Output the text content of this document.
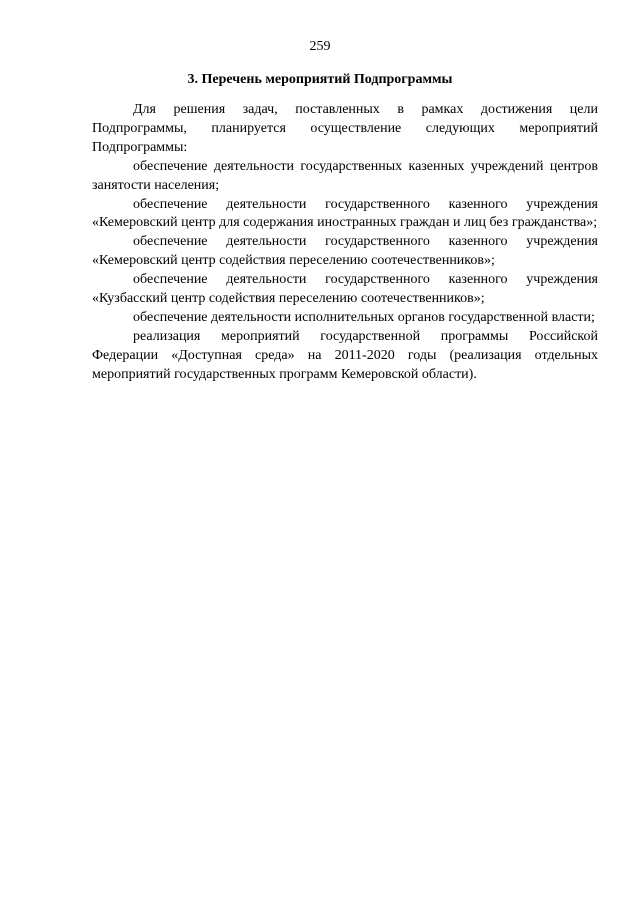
259
3. Перечень мероприятий Подпрограммы

Для решения задач, поставленных в рамках достижения цели Подпрограммы, планируется осуществление следующих мероприятий Подпрограммы:

обеспечение деятельности государственных казенных учреждений центров занятости населения;

обеспечение деятельности государственного казенного учреждения «Кемеровский центр для содержания иностранных граждан и лиц без гражданства»;

обеспечение деятельности государственного казенного учреждения «Кемеровский центр содействия переселению соотечественников»;

обеспечение деятельности государственного казенного учреждения «Кузбасский центр содействия переселению соотечественников»;

обеспечение деятельности исполнительных органов государственной власти;

реализация мероприятий государственной программы Российской Федерации «Доступная среда» на 2011-2020 годы (реализация отдельных мероприятий государственных программ Кемеровской области).
